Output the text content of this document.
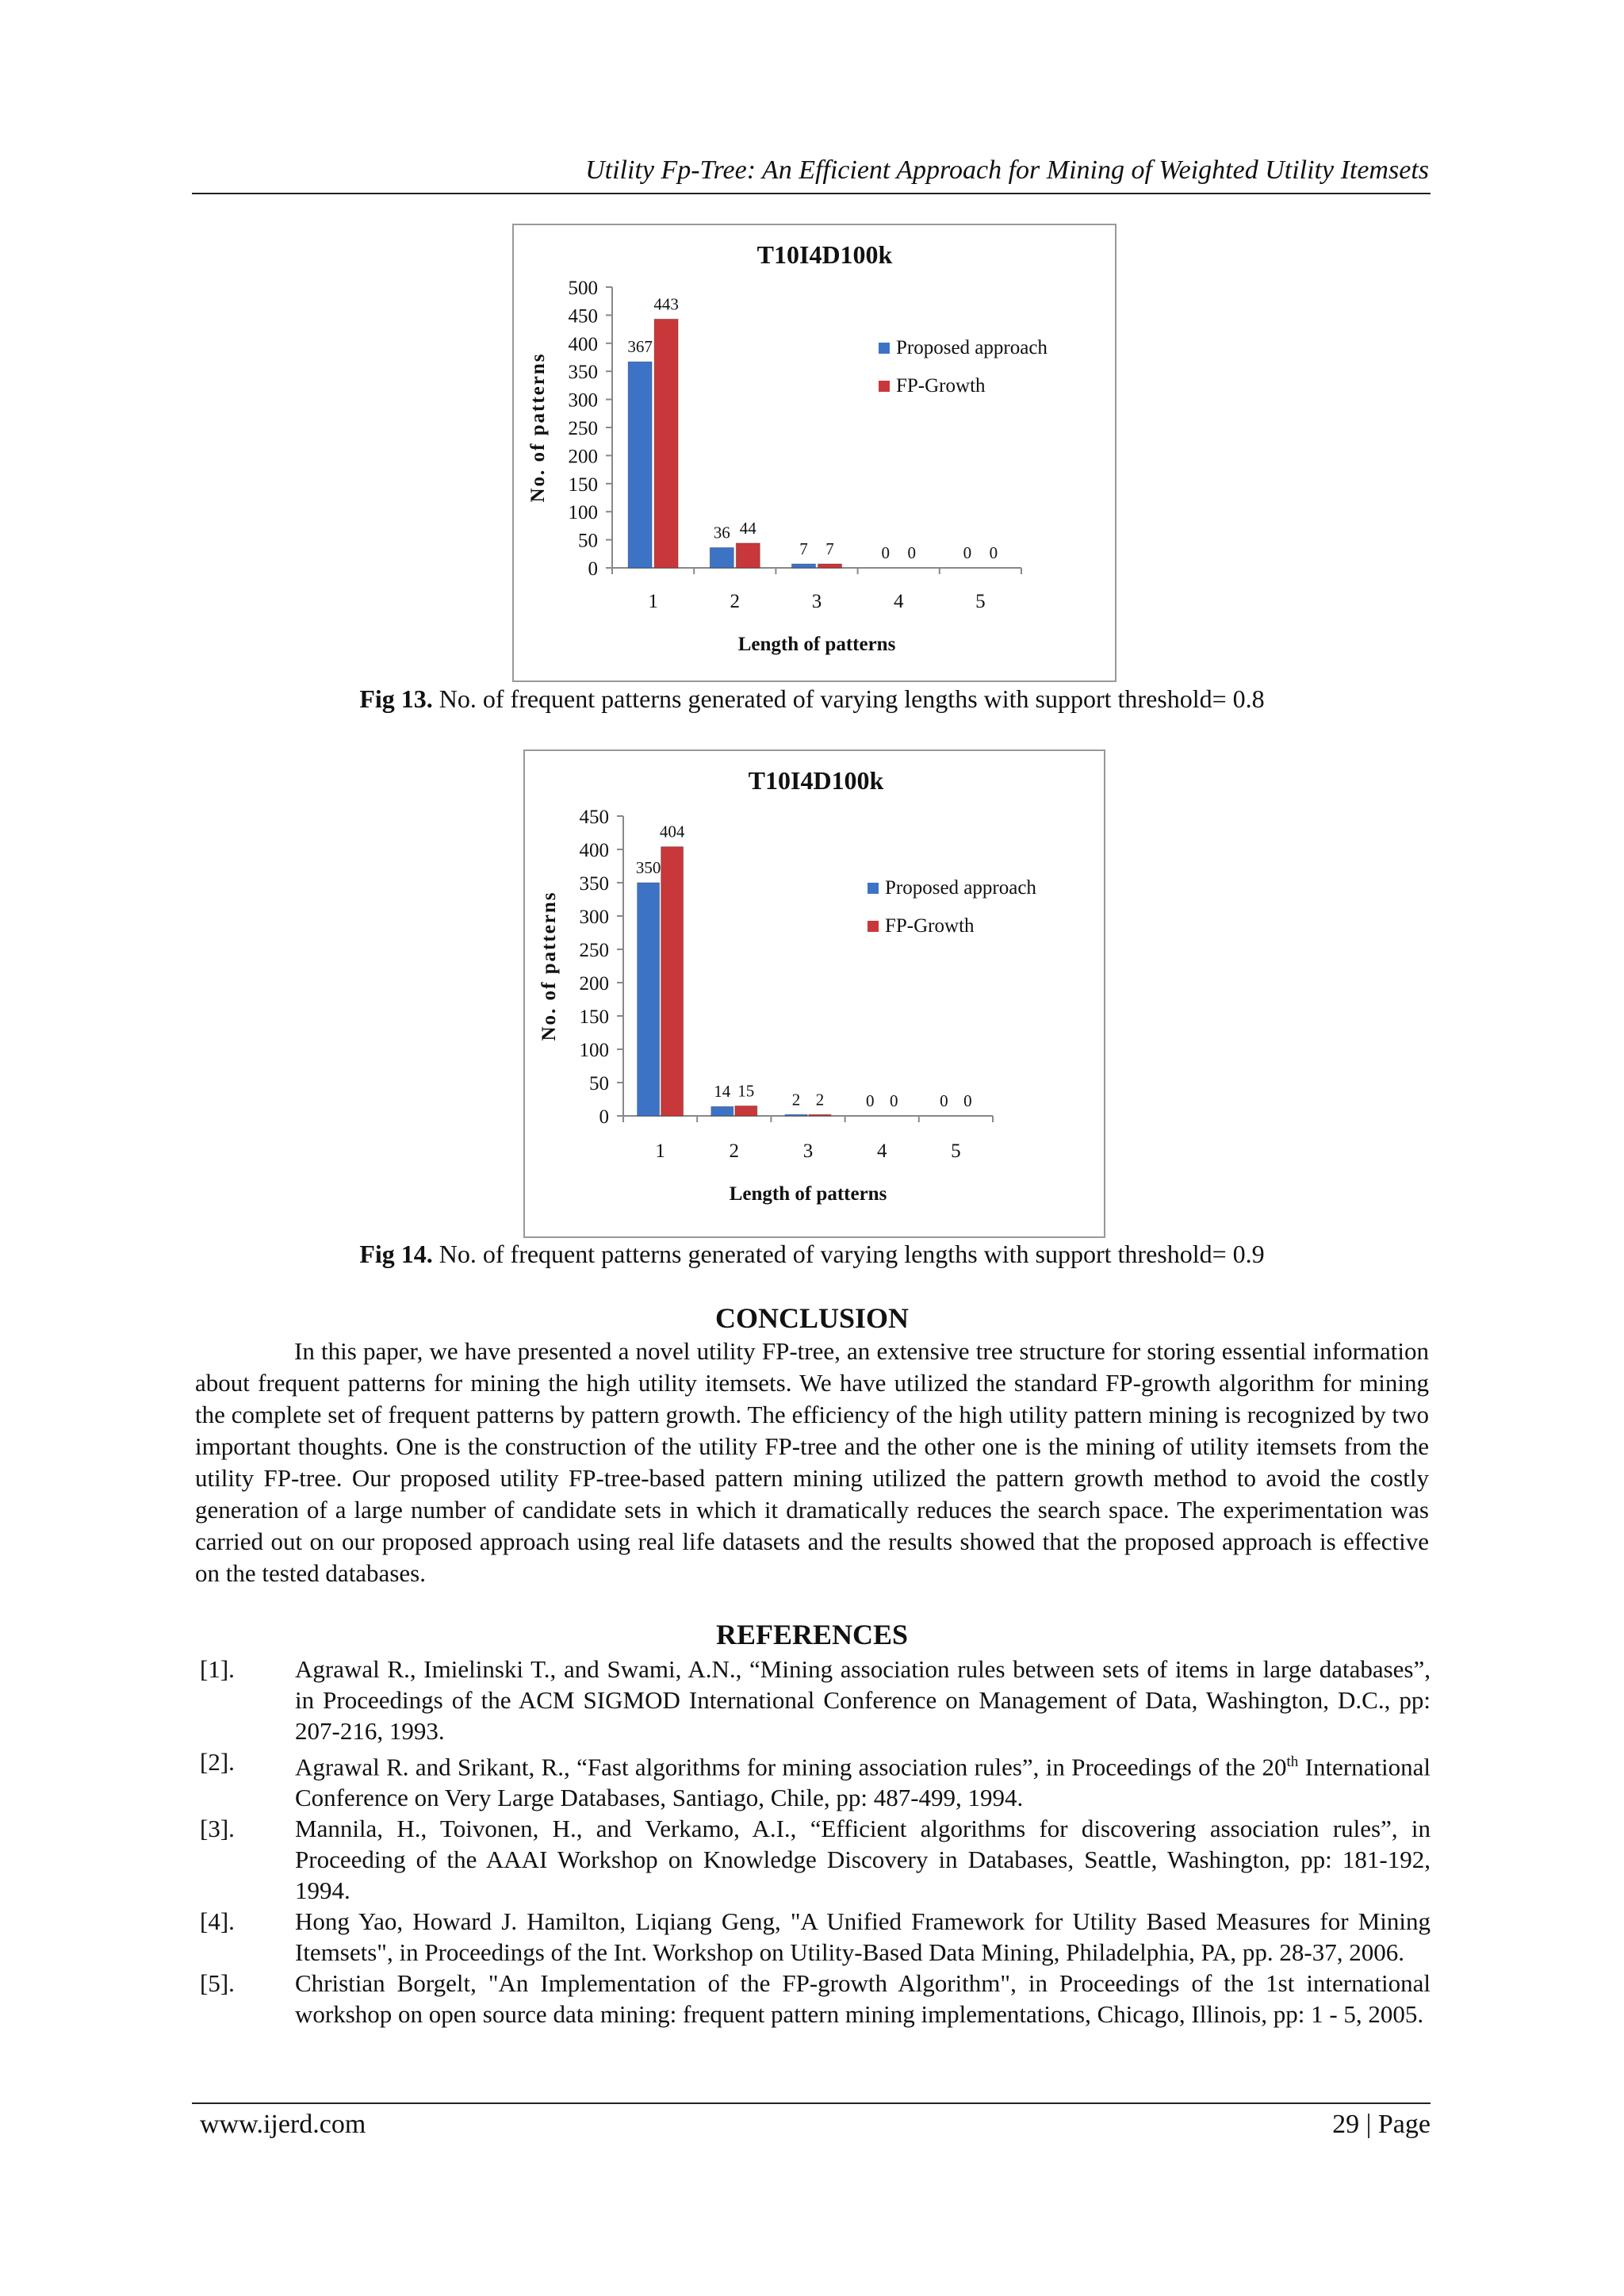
Utility Fp-Tree: An Efficient Approach for Mining of Weighted Utility Itemsets
T10I4D100k
0
50
100
150
200
250
300
350
400
450
500
1
367
443
2
36 44
3
7 7
4
0 0
5
0 0
Length of patterns
No. of patterns
Proposed approach
FP-Growth
Fig 13. No. of frequent patterns generated of varying lengths with support threshold= 0.8
T10I4D100k
0
50
100
150
200
250
300
350
400
450
1
350
404
2
14 15
3
2 2
4
0 0
5
0 0
Length of patterns
No. of patterns
Proposed approach
FP-Growth
Fig 14. No. of frequent patterns generated of varying lengths with support threshold= 0.9
CONCLUSION

In this paper, we have presented a novel utility FP-tree, an extensive tree structure for storing essential information about frequent patterns for mining the high utility itemsets. We have utilized the standard FP-growth algorithm for mining the complete set of frequent patterns by pattern growth. The efficiency of the high utility pattern mining is recognized by two important thoughts. One is the construction of the utility FP-tree and the other one is the mining of utility itemsets from the utility FP-tree. Our proposed utility FP-tree-based pattern mining utilized the pattern growth method to avoid the costly generation of a large number of candidate sets in which it dramatically reduces the search space. The experimentation was carried out on our proposed approach using real life datasets and the results showed that the proposed approach is effective on the tested databases.

REFERENCES
[1].	Agrawal R., Imielinski T., and Swami, A.N., “Mining association rules between sets of items in large databases”, in Proceedings of the ACM SIGMOD International Conference on Management of Data, Washington, D.C., pp: 207-216, 1993.
[2].	Agrawal R. and Srikant, R., “Fast algorithms for mining association rules”, in Proceedings of the 20th International Conference on Very Large Databases, Santiago, Chile, pp: 487-499, 1994.
[3].	Mannila, H., Toivonen, H., and Verkamo, A.I., “Efficient algorithms for discovering association rules”, in Proceeding of the AAAI Workshop on Knowledge Discovery in Databases, Seattle, Washington, pp: 181-192, 1994.
[4].	Hong Yao, Howard J. Hamilton, Liqiang Geng, "A Unified Framework for Utility Based Measures for Mining Itemsets", in Proceedings of the Int. Workshop on Utility-Based Data Mining, Philadelphia, PA, pp. 28-37, 2006.
[5].	Christian Borgelt, "An Implementation of the FP-growth Algorithm", in Proceedings of the 1st international workshop on open source data mining: frequent pattern mining implementations, Chicago, Illinois, pp: 1 - 5, 2005.
www.ijerd.com	29 | Page
